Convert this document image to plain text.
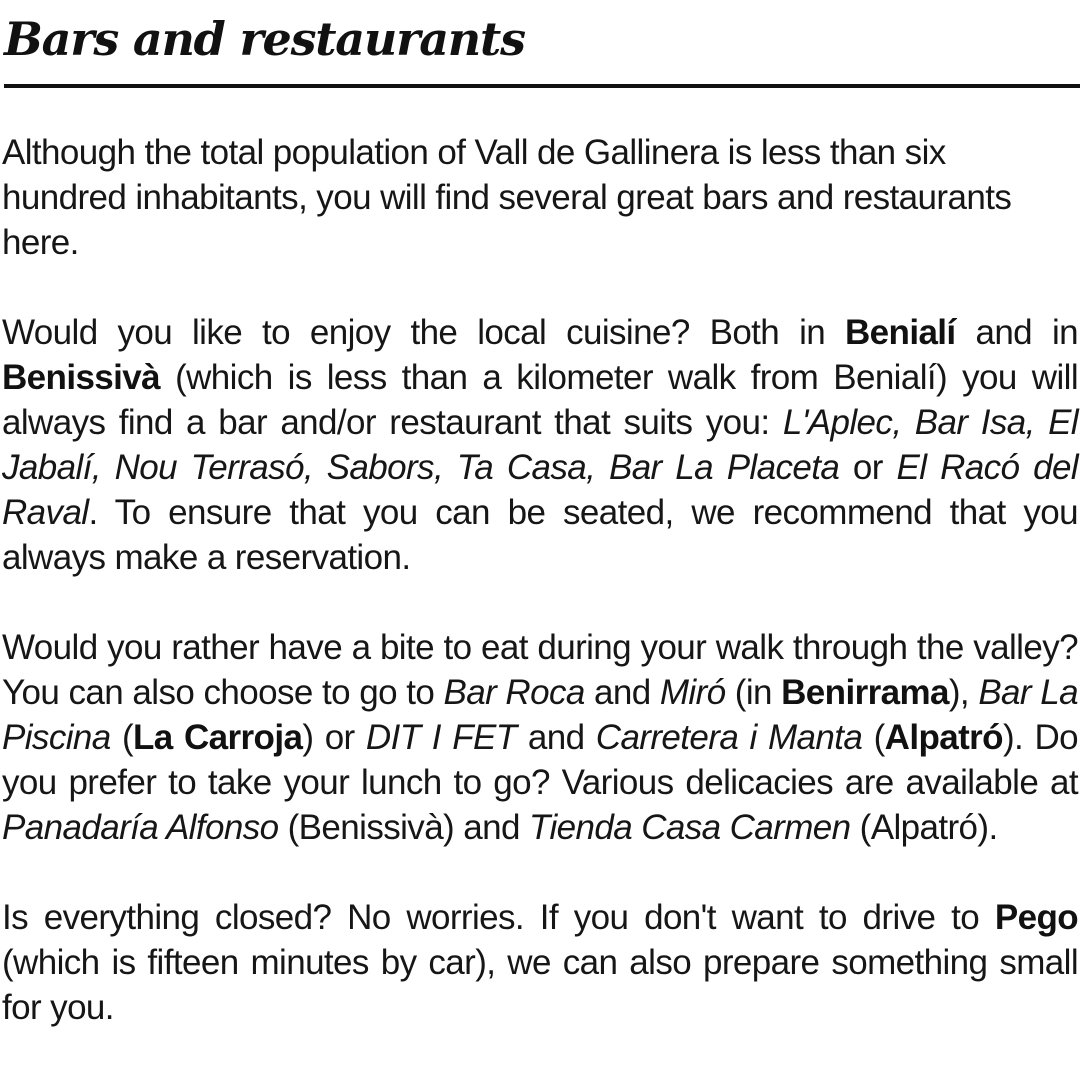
Bars and restaurants

Although the total population of Vall de Gallinera is less than six hundred inhabitants, you will find several great bars and restaurants here.

Would you like to enjoy the local cuisine? Both in Benialí and in Benissivà (which is less than a kilometer walk from Benialí) you will always find a bar and/or restaurant that suits you: L'Aplec, Bar Isa, El Jabalí, Nou Terrasó, Sabors, Ta Casa, Bar La Placeta or El Racó del Raval. To ensure that you can be seated, we recommend that you always make a reservation.

Would you rather have a bite to eat during your walk through the valley? You can also choose to go to Bar Roca and Miró (in Benirrama), Bar La Piscina (La Carroja) or DIT I FET and Carretera i Manta (Alpatró). Do you prefer to take your lunch to go? Various delicacies are available at Panadaría Alfonso (Benissivà) and Tienda Casa Carmen (Alpatró).

Is everything closed? No worries. If you don't want to drive to Pego (which is fifteen minutes by car), we can also prepare something small for you.
